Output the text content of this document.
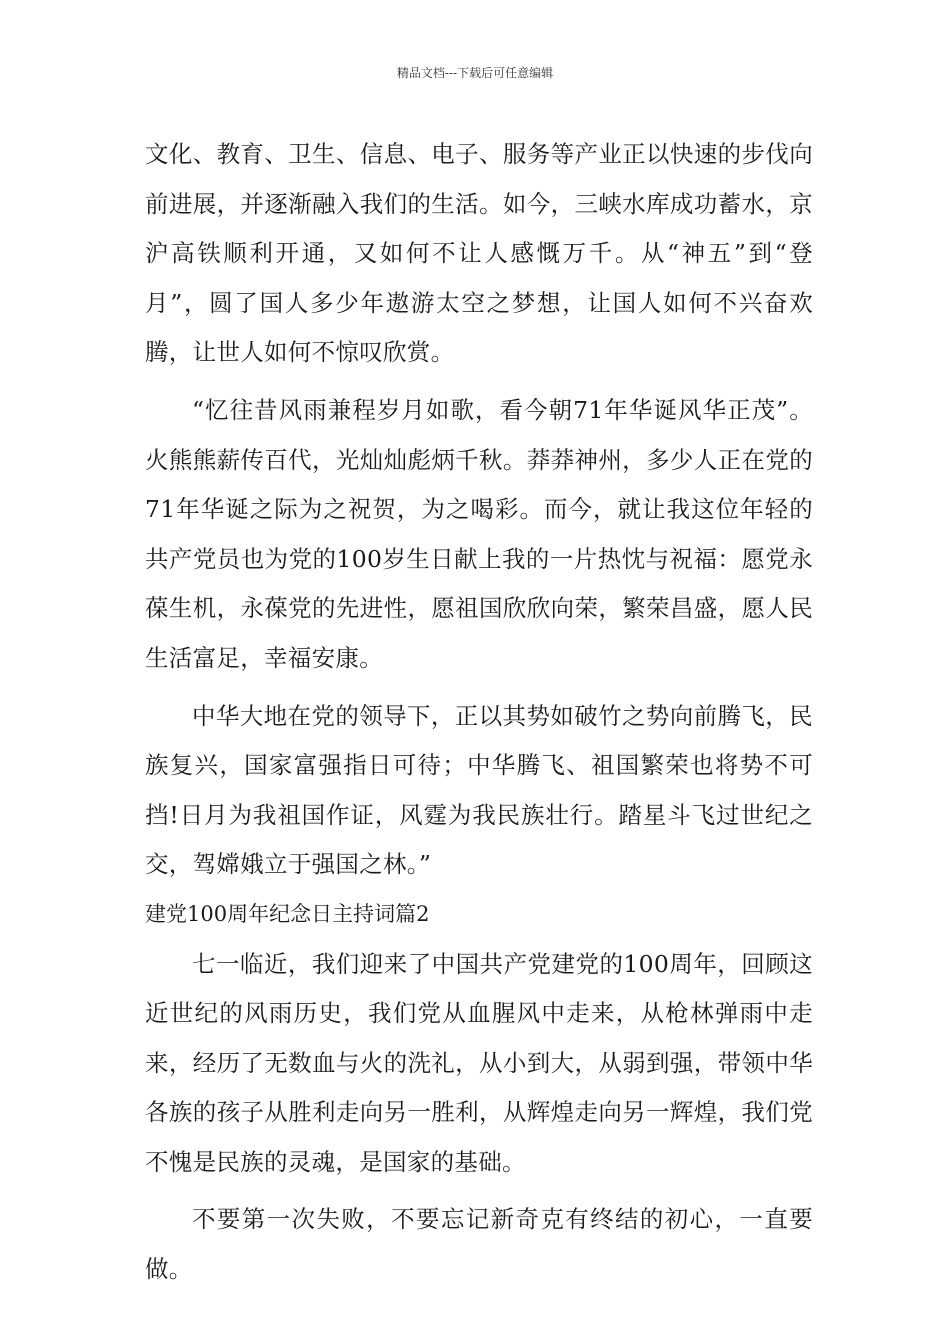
精品文档---下载后可任意编辑

文化、教育、卫生、信息、电子、服务等产业正以快速的步伐向前进展，并逐渐融入我们的生活。如今，三峡水库成功蓄水，京沪高铁顺利开通，又如何不让人感慨万千。从“神五”到“登月”，圆了国人多少年遨游太空之梦想，让国人如何不兴奋欢腾，让世人如何不惊叹欣赏。

“忆往昔风雨兼程岁月如歌，看今朝71年华诞风华正茂”。火熊熊薪传百代，光灿灿彪炳千秋。莽莽神州，多少人正在党的71年华诞之际为之祝贺，为之喝彩。而今，就让我这位年轻的共产党员也为党的100岁生日献上我的一片热忱与祝福：愿党永葆生机，永葆党的先进性，愿祖国欣欣向荣，繁荣昌盛，愿人民生活富足，幸福安康。

中华大地在党的领导下，正以其势如破竹之势向前腾飞，民族复兴，国家富强指日可待；中华腾飞、祖国繁荣也将势不可挡!日月为我祖国作证，风霆为我民族壮行。踏星斗飞过世纪之交，驾嫦娥立于强国之林。”

建党100周年纪念日主持词篇2

七一临近，我们迎来了中国共产党建党的100周年，回顾这近世纪的风雨历史，我们党从血腥风中走来，从枪林弹雨中走来，经历了无数血与火的洗礼，从小到大，从弱到强，带领中华各族的孩子从胜利走向另一胜利，从辉煌走向另一辉煌，我们党不愧是民族的灵魂，是国家的基础。

不要第一次失败，不要忘记新奇克有终结的初心，一直要做。
